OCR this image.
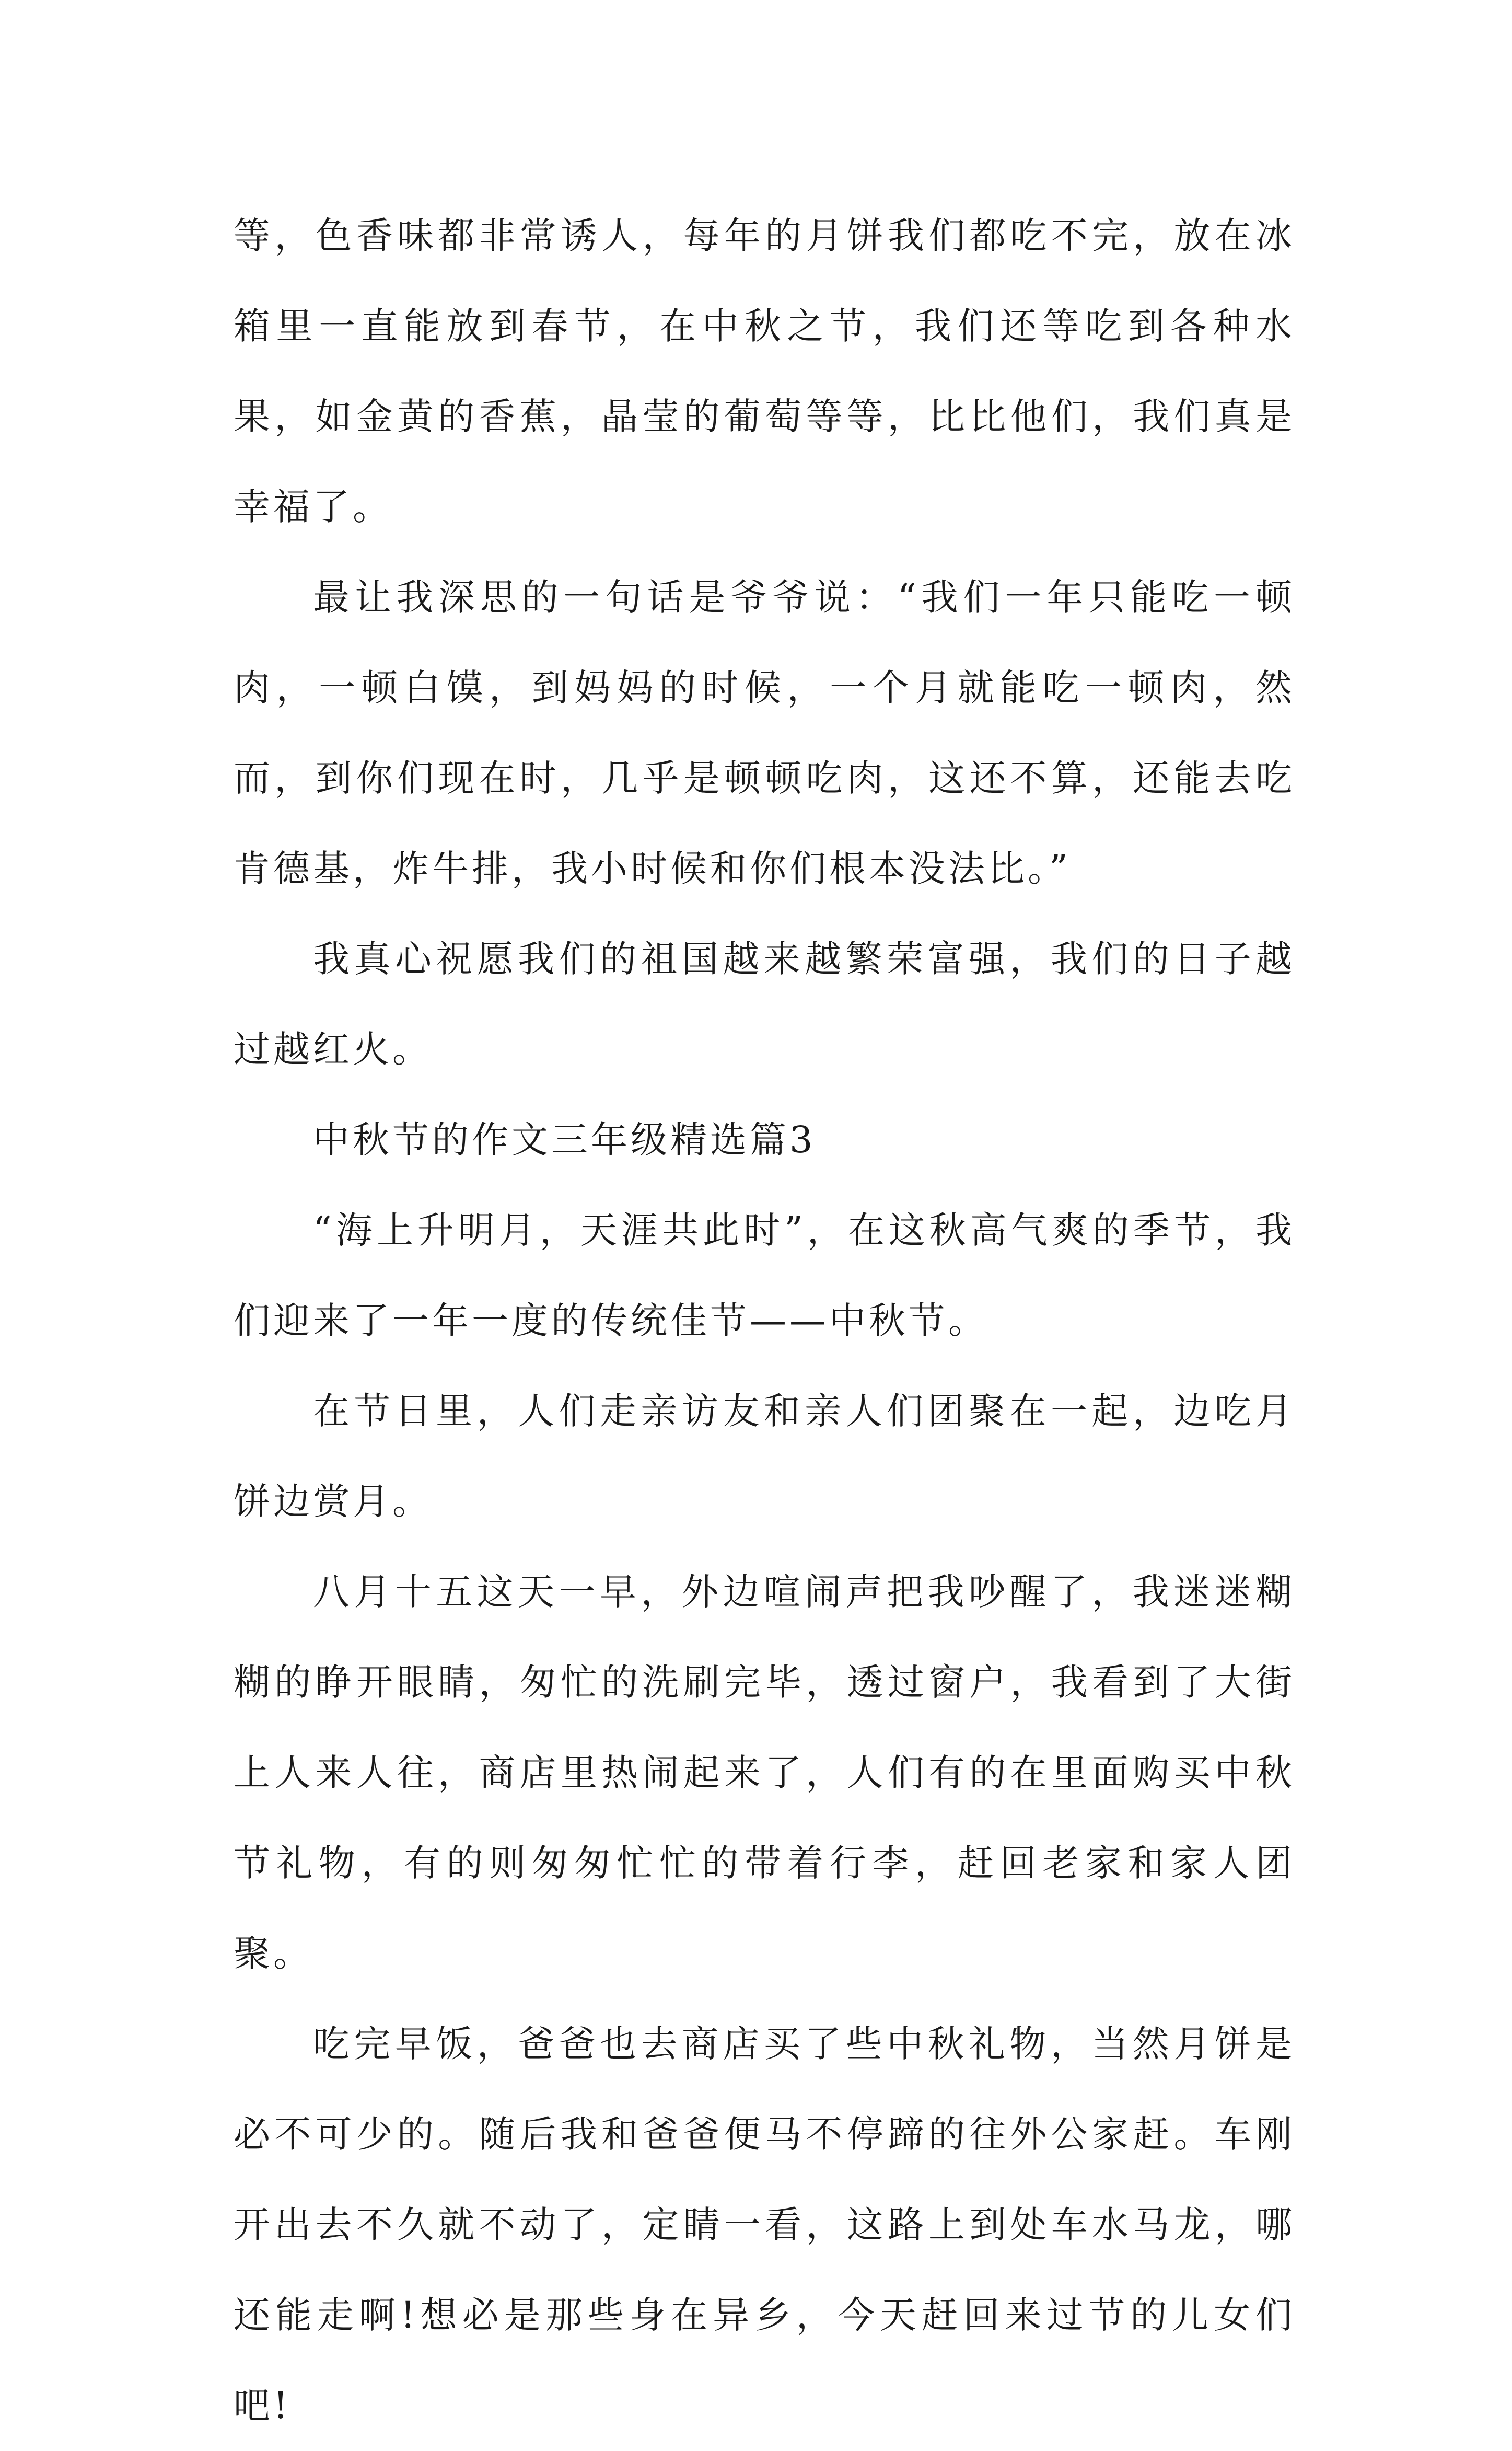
等，色香味都非常诱人，每年的月饼我们都吃不完，放在冰箱里一直能放到春节，在中秋之节，我们还等吃到各种水果，如金黄的香蕉，晶莹的葡萄等等，比比他们，我们真是幸福了。

最让我深思的一句话是爷爷说：“我们一年只能吃一顿肉，一顿白馍，到妈妈的时候，一个月就能吃一顿肉，然而，到你们现在时，几乎是顿顿吃肉，这还不算，还能去吃肯德基，炸牛排，我小时候和你们根本没法比。”

我真心祝愿我们的祖国越来越繁荣富强，我们的日子越过越红火。

中秋节的作文三年级精选篇3

“海上升明月，天涯共此时”，在这秋高气爽的季节，我们迎来了一年一度的传统佳节——中秋节。

在节日里，人们走亲访友和亲人们团聚在一起，边吃月饼边赏月。

八月十五这天一早，外边喧闹声把我吵醒了，我迷迷糊糊的睁开眼睛，匆忙的洗刷完毕，透过窗户，我看到了大街上人来人往，商店里热闹起来了，人们有的在里面购买中秋节礼物，有的则匆匆忙忙的带着行李，赶回老家和家人团聚。

吃完早饭，爸爸也去商店买了些中秋礼物，当然月饼是必不可少的。随后我和爸爸便马不停蹄的往外公家赶。车刚开出去不久就不动了，定睛一看，这路上到处车水马龙，哪还能走啊!想必是那些身在异乡，今天赶回来过节的儿女们吧!
